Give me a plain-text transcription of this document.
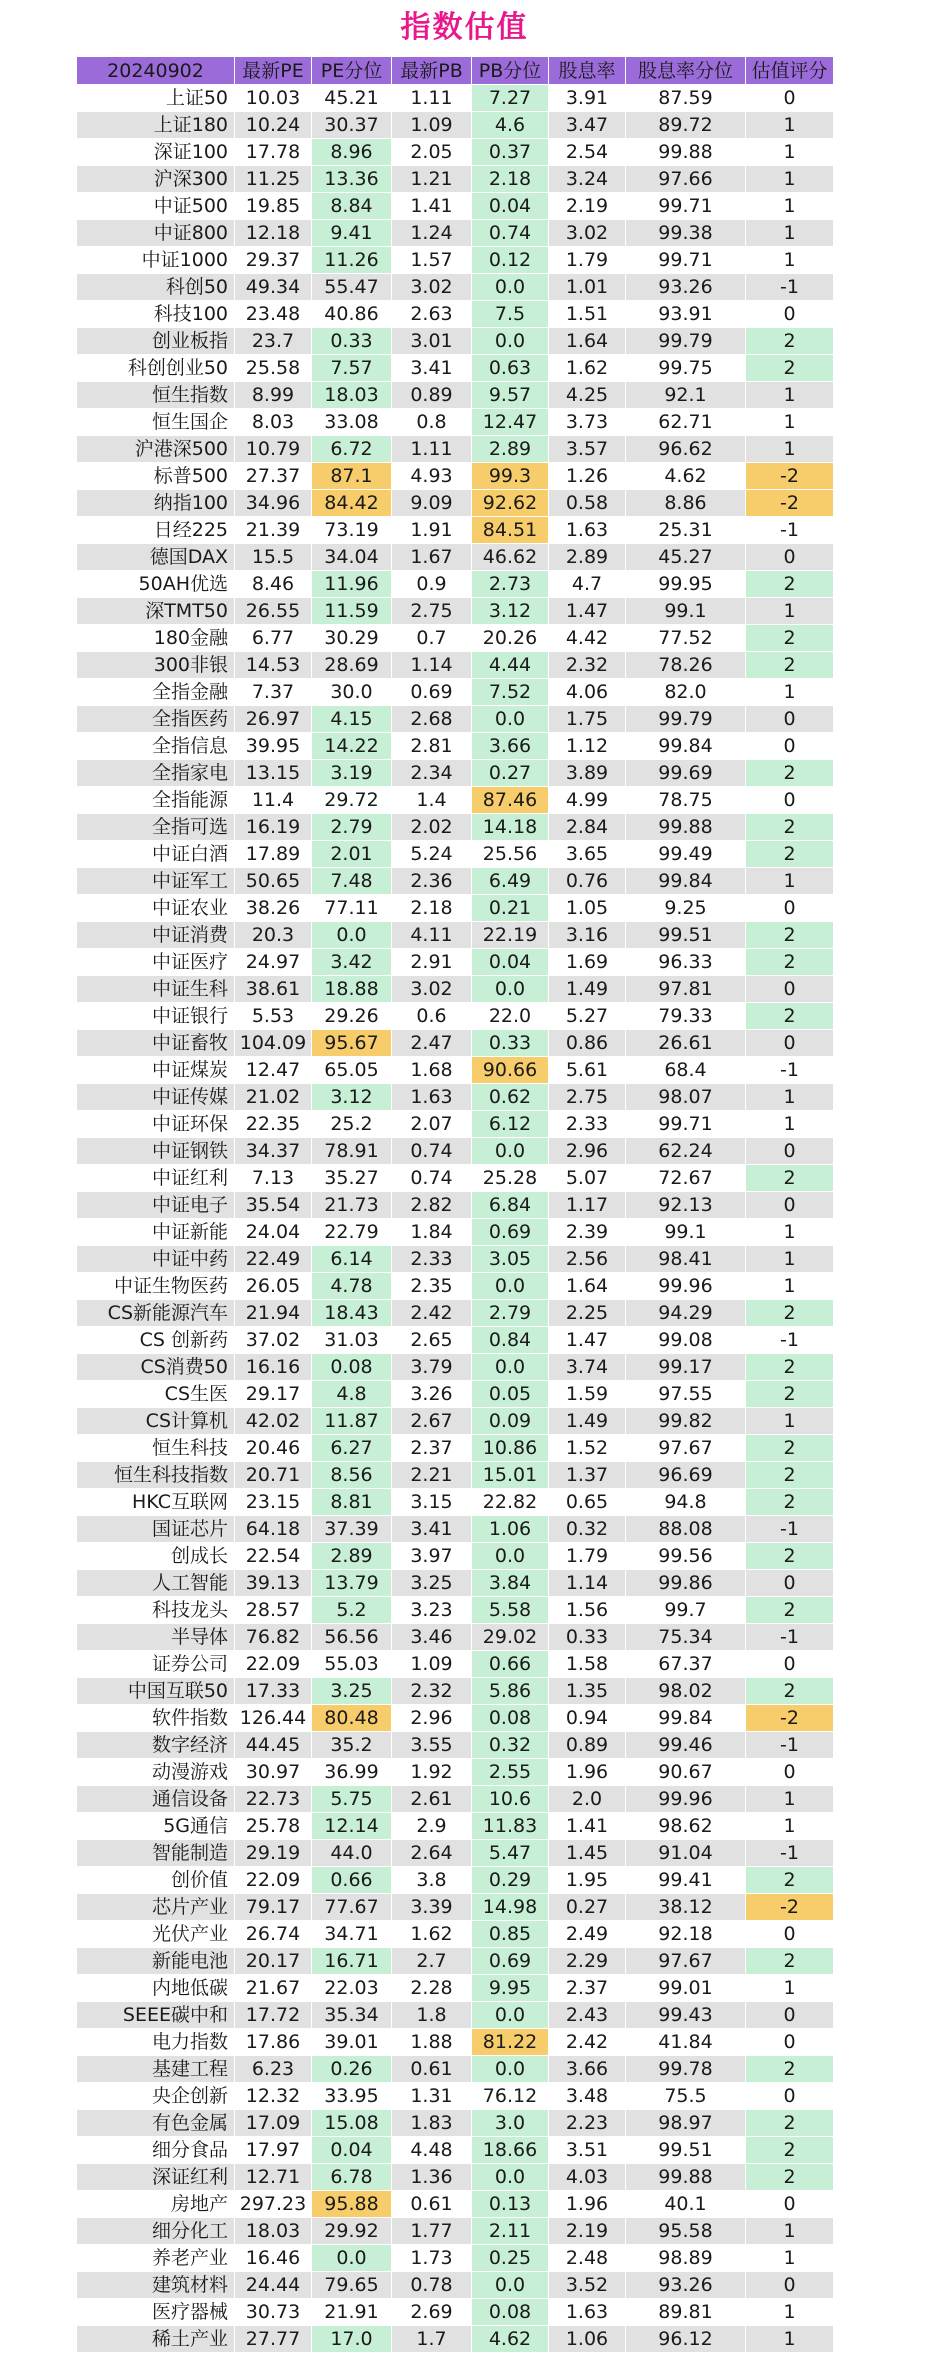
指数估值
20240902	最新PE	PE分位	最新PB	PB分位	股息率	股息率分位	估值评分
上证50	10.03	45.21	1.11	7.27	3.91	87.59	0
上证180	10.24	30.37	1.09	4.6	3.47	89.72	1
深证100	17.78	8.96	2.05	0.37	2.54	99.88	1
沪深300	11.25	13.36	1.21	2.18	3.24	97.66	1
中证500	19.85	8.84	1.41	0.04	2.19	99.71	1
中证800	12.18	9.41	1.24	0.74	3.02	99.38	1
中证1000	29.37	11.26	1.57	0.12	1.79	99.71	1
科创50	49.34	55.47	3.02	0.0	1.01	93.26	-1
科技100	23.48	40.86	2.63	7.5	1.51	93.91	0
创业板指	23.7	0.33	3.01	0.0	1.64	99.79	2
科创创业50	25.58	7.57	3.41	0.63	1.62	99.75	2
恒生指数	8.99	18.03	0.89	9.57	4.25	92.1	1
恒生国企	8.03	33.08	0.8	12.47	3.73	62.71	1
沪港深500	10.79	6.72	1.11	2.89	3.57	96.62	1
标普500	27.37	87.1	4.93	99.3	1.26	4.62	-2
纳指100	34.96	84.42	9.09	92.62	0.58	8.86	-2
日经225	21.39	73.19	1.91	84.51	1.63	25.31	-1
德国DAX	15.5	34.04	1.67	46.62	2.89	45.27	0
50AH优选	8.46	11.96	0.9	2.73	4.7	99.95	2
深TMT50	26.55	11.59	2.75	3.12	1.47	99.1	1
180金融	6.77	30.29	0.7	20.26	4.42	77.52	2
300非银	14.53	28.69	1.14	4.44	2.32	78.26	2
全指金融	7.37	30.0	0.69	7.52	4.06	82.0	1
全指医药	26.97	4.15	2.68	0.0	1.75	99.79	0
全指信息	39.95	14.22	2.81	3.66	1.12	99.84	0
全指家电	13.15	3.19	2.34	0.27	3.89	99.69	2
全指能源	11.4	29.72	1.4	87.46	4.99	78.75	0
全指可选	16.19	2.79	2.02	14.18	2.84	99.88	2
中证白酒	17.89	2.01	5.24	25.56	3.65	99.49	2
中证军工	50.65	7.48	2.36	6.49	0.76	99.84	1
中证农业	38.26	77.11	2.18	0.21	1.05	9.25	0
中证消费	20.3	0.0	4.11	22.19	3.16	99.51	2
中证医疗	24.97	3.42	2.91	0.04	1.69	96.33	2
中证生科	38.61	18.88	3.02	0.0	1.49	97.81	0
中证银行	5.53	29.26	0.6	22.0	5.27	79.33	2
中证畜牧	104.09	95.67	2.47	0.33	0.86	26.61	0
中证煤炭	12.47	65.05	1.68	90.66	5.61	68.4	-1
中证传媒	21.02	3.12	1.63	0.62	2.75	98.07	1
中证环保	22.35	25.2	2.07	6.12	2.33	99.71	1
中证钢铁	34.37	78.91	0.74	0.0	2.96	62.24	0
中证红利	7.13	35.27	0.74	25.28	5.07	72.67	2
中证电子	35.54	21.73	2.82	6.84	1.17	92.13	0
中证新能	24.04	22.79	1.84	0.69	2.39	99.1	1
中证中药	22.49	6.14	2.33	3.05	2.56	98.41	1
中证生物医药	26.05	4.78	2.35	0.0	1.64	99.96	1
CS新能源汽车	21.94	18.43	2.42	2.79	2.25	94.29	2
CS 创新药	37.02	31.03	2.65	0.84	1.47	99.08	-1
CS消费50	16.16	0.08	3.79	0.0	3.74	99.17	2
CS生医	29.17	4.8	3.26	0.05	1.59	97.55	2
CS计算机	42.02	11.87	2.67	0.09	1.49	99.82	1
恒生科技	20.46	6.27	2.37	10.86	1.52	97.67	2
恒生科技指数	20.71	8.56	2.21	15.01	1.37	96.69	2
HKC互联网	23.15	8.81	3.15	22.82	0.65	94.8	2
国证芯片	64.18	37.39	3.41	1.06	0.32	88.08	-1
创成长	22.54	2.89	3.97	0.0	1.79	99.56	2
人工智能	39.13	13.79	3.25	3.84	1.14	99.86	0
科技龙头	28.57	5.2	3.23	5.58	1.56	99.7	2
半导体	76.82	56.56	3.46	29.02	0.33	75.34	-1
证券公司	22.09	55.03	1.09	0.66	1.58	67.37	0
中国互联50	17.33	3.25	2.32	5.86	1.35	98.02	2
软件指数	126.44	80.48	2.96	0.08	0.94	99.84	-2
数字经济	44.45	35.2	3.55	0.32	0.89	99.46	-1
动漫游戏	30.97	36.99	1.92	2.55	1.96	90.67	0
通信设备	22.73	5.75	2.61	10.6	2.0	99.96	1
5G通信	25.78	12.14	2.9	11.83	1.41	98.62	1
智能制造	29.19	44.0	2.64	5.47	1.45	91.04	-1
创价值	22.09	0.66	3.8	0.29	1.95	99.41	2
芯片产业	79.17	77.67	3.39	14.98	0.27	38.12	-2
光伏产业	26.74	34.71	1.62	0.85	2.49	92.18	0
新能电池	20.17	16.71	2.7	0.69	2.29	97.67	2
内地低碳	21.67	22.03	2.28	9.95	2.37	99.01	1
SEEE碳中和	17.72	35.34	1.8	0.0	2.43	99.43	0
电力指数	17.86	39.01	1.88	81.22	2.42	41.84	0
基建工程	6.23	0.26	0.61	0.0	3.66	99.78	2
央企创新	12.32	33.95	1.31	76.12	3.48	75.5	0
有色金属	17.09	15.08	1.83	3.0	2.23	98.97	2
细分食品	17.97	0.04	4.48	18.66	3.51	99.51	2
深证红利	12.71	6.78	1.36	0.0	4.03	99.88	2
房地产	297.23	95.88	0.61	0.13	1.96	40.1	0
细分化工	18.03	29.92	1.77	2.11	2.19	95.58	1
养老产业	16.46	0.0	1.73	0.25	2.48	98.89	1
建筑材料	24.44	79.65	0.78	0.0	3.52	93.26	0
医疗器械	30.73	21.91	2.69	0.08	1.63	89.81	1
稀土产业	27.77	17.0	1.7	4.62	1.06	96.12	1
